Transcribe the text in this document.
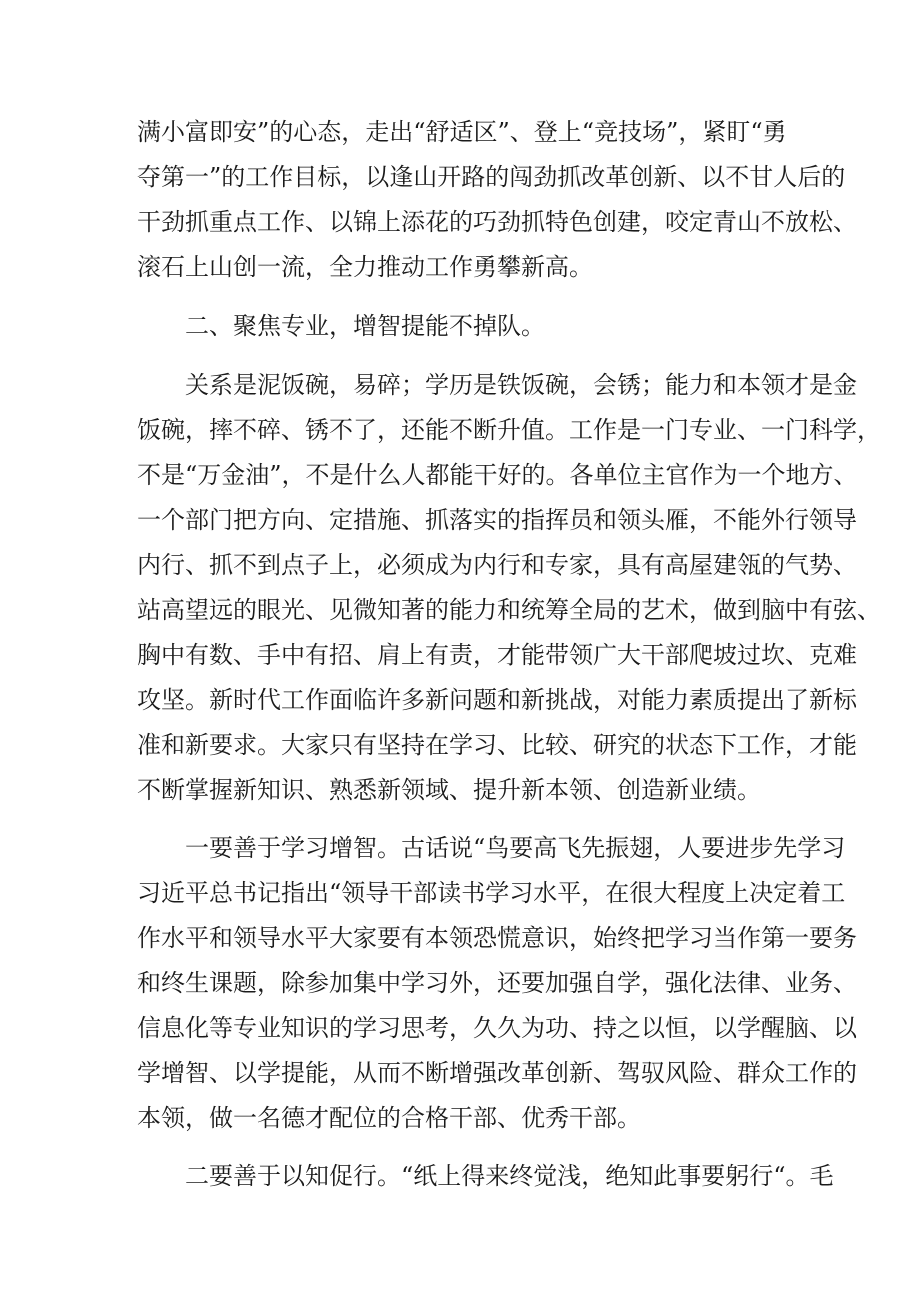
满小富即安”的心态，走出“舒适区”、登上“竞技场”，紧盯“勇
夺第一”的工作目标，以逢山开路的闯劲抓改革创新、以不甘人后的
干劲抓重点工作、以锦上添花的巧劲抓特色创建，咬定青山不放松、
滚石上山创一流，全力推动工作勇攀新高。
二、聚焦专业，增智提能不掉队。
关系是泥饭碗，易碎；学历是铁饭碗，会锈；能力和本领才是金
饭碗，摔不碎、锈不了，还能不断升值。工作是一门专业、一门科学，
不是“万金油”，不是什么人都能干好的。各单位主官作为一个地方、
一个部门把方向、定措施、抓落实的指挥员和领头雁，不能外行领导
内行、抓不到点子上，必须成为内行和专家，具有高屋建瓴的气势、
站高望远的眼光、见微知著的能力和统筹全局的艺术，做到脑中有弦、
胸中有数、手中有招、肩上有责，才能带领广大干部爬坡过坎、克难
攻坚。新时代工作面临许多新问题和新挑战，对能力素质提出了新标
准和新要求。大家只有坚持在学习、比较、研究的状态下工作，才能
不断掌握新知识、熟悉新领域、提升新本领、创造新业绩。
一要善于学习增智。古话说“鸟要高飞先振翅，人要进步先学习
习近平总书记指出“领导干部读书学习水平，在很大程度上决定着工
作水平和领导水平大家要有本领恐慌意识，始终把学习当作第一要务
和终生课题，除参加集中学习外，还要加强自学，强化法律、业务、
信息化等专业知识的学习思考，久久为功、持之以恒，以学醒脑、以
学增智、以学提能，从而不断增强改革创新、驾驭风险、群众工作的
本领，做一名德才配位的合格干部、优秀干部。
二要善于以知促行。“纸上得来终觉浅，绝知此事要躬行“。毛
